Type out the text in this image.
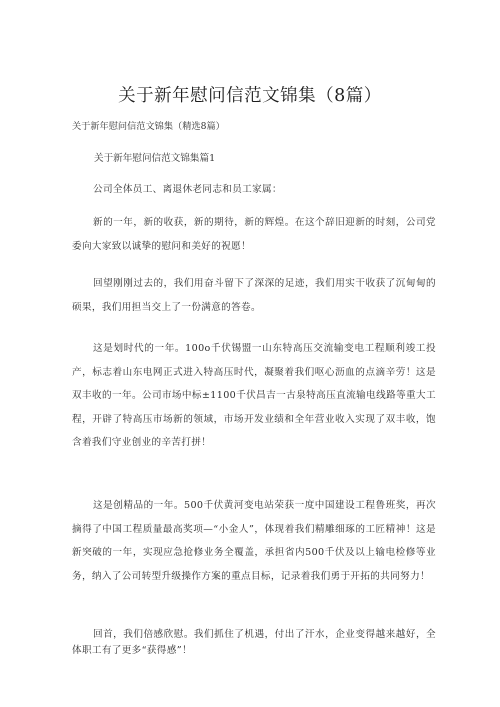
关于新年慰问信范文锦集（8篇）
关于新年慰问信范文锦集（精选8篇）
关于新年慰问信范文锦集篇1
公司全体员工、离退休老同志和员工家属：
新的一年，新的收获，新的期待，新的辉煌。在这个辞旧迎新的时刻，公司党委向大家致以诚挚的慰问和美好的祝愿！
回望刚刚过去的，我们用奋斗留下了深深的足迹，我们用实干收获了沉甸甸的硕果，我们用担当交上了一份满意的答卷。
这是划时代的一年。100o千伏锡盟一山东特高压交流输变电工程顺利竣工投产，标志着山东电网正式进入特高压时代，凝聚着我们呕心沥血的点滴辛劳！这是双丰收的一年。公司市场中标±1100千伏昌吉一古泉特高压直流输电线路等重大工程，开辟了特高压市场新的领域，市场开发业绩和全年营业收入实现了双丰收，饱含着我们守业创业的辛苦打拼！
这是创精品的一年。500千伏黄河变电站荣获一度中国建设工程鲁班奖，再次摘得了中国工程质量最高奖项—“小金人”，体现着我们精雕细琢的工匠精神！这是新突破的一年，实现应急抢修业务全覆盖，承担省内500千伏及以上输电检修等业务，纳入了公司转型升级操作方案的重点目标，记录着我们勇于开拓的共同努力！
回首，我们倍感欣慰。我们抓住了机遇，付出了汗水，企业变得越来越好，全体职工有了更多“获得感”！
